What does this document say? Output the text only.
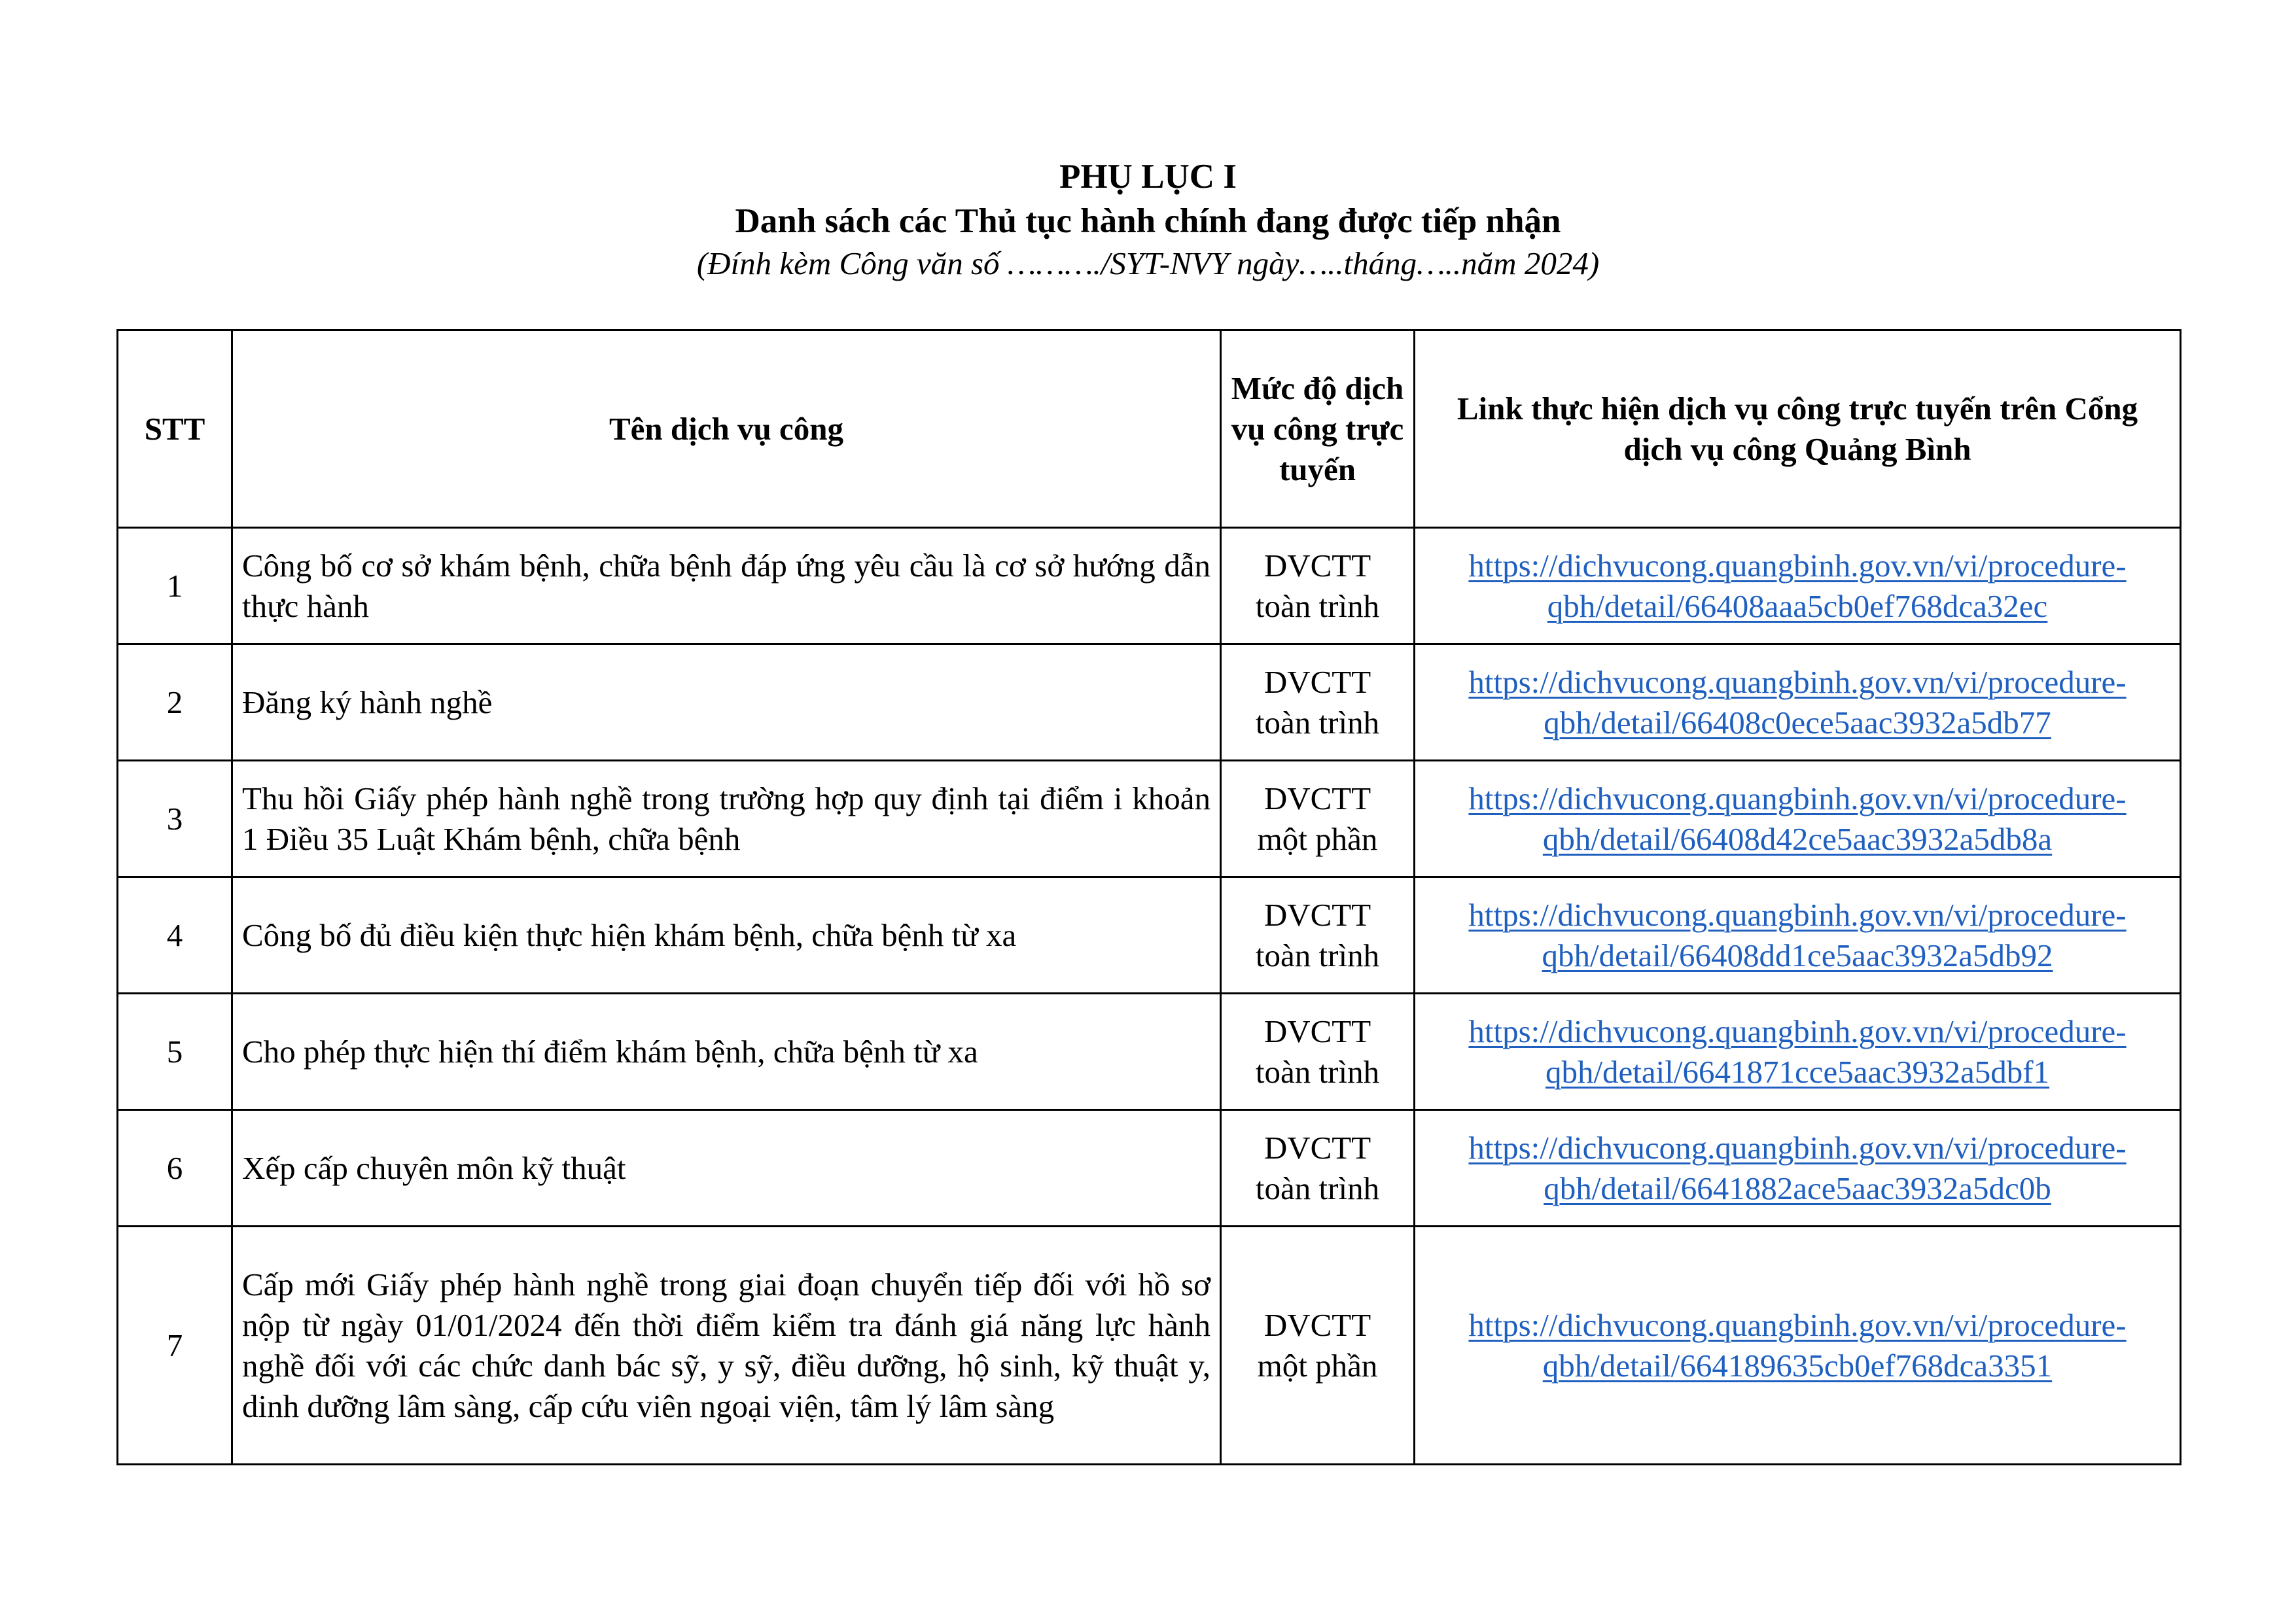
PHỤ LỤC I

Danh sách các Thủ tục hành chính đang được tiếp nhận

(Đính kèm Công văn số ………./SYT-NVY ngày…..tháng…..năm 2024)

STT	Tên dịch vụ công	Mức độ dịch vụ công trực tuyến	Link thực hiện dịch vụ công trực tuyến trên Cổng dịch vụ công Quảng Bình
1	Công bố cơ sở khám bệnh, chữa bệnh đáp ứng yêu cầu là cơ sở hướng dẫn thực hành	DVCTT
toàn trình	https://dichvucong.quangbinh.gov.vn/vi/procedure-
qbh/detail/66408aaa5cb0ef768dca32ec

2	Đăng ký hành nghề	DVCTT
toàn trình	https://dichvucong.quangbinh.gov.vn/vi/procedure-
qbh/detail/66408c0ece5aac3932a5db77

3	Thu hồi Giấy phép hành nghề trong trường hợp quy định tại điểm i khoản 1 Điều 35 Luật Khám bệnh, chữa bệnh	DVCTT
một phần	https://dichvucong.quangbinh.gov.vn/vi/procedure-
qbh/detail/66408d42ce5aac3932a5db8a

4	Công bố đủ điều kiện thực hiện khám bệnh, chữa bệnh từ xa	DVCTT
toàn trình	https://dichvucong.quangbinh.gov.vn/vi/procedure-
qbh/detail/66408dd1ce5aac3932a5db92

5	Cho phép thực hiện thí điểm khám bệnh, chữa bệnh từ xa	DVCTT
toàn trình	https://dichvucong.quangbinh.gov.vn/vi/procedure-
qbh/detail/6641871cce5aac3932a5dbf1

6	Xếp cấp chuyên môn kỹ thuật	DVCTT
toàn trình	https://dichvucong.quangbinh.gov.vn/vi/procedure-
qbh/detail/6641882ace5aac3932a5dc0b

7	Cấp mới Giấy phép hành nghề trong giai đoạn chuyển tiếp đối với hồ sơ nộp từ ngày 01/01/2024 đến thời điểm kiểm tra đánh giá năng lực hành nghề đối với các chức danh bác sỹ, y sỹ, điều dưỡng, hộ sinh, kỹ thuật y, dinh dưỡng lâm sàng, cấp cứu viên ngoại viện, tâm lý lâm sàng	DVCTT
một phần	https://dichvucong.quangbinh.gov.vn/vi/procedure-
qbh/detail/664189635cb0ef768dca3351
